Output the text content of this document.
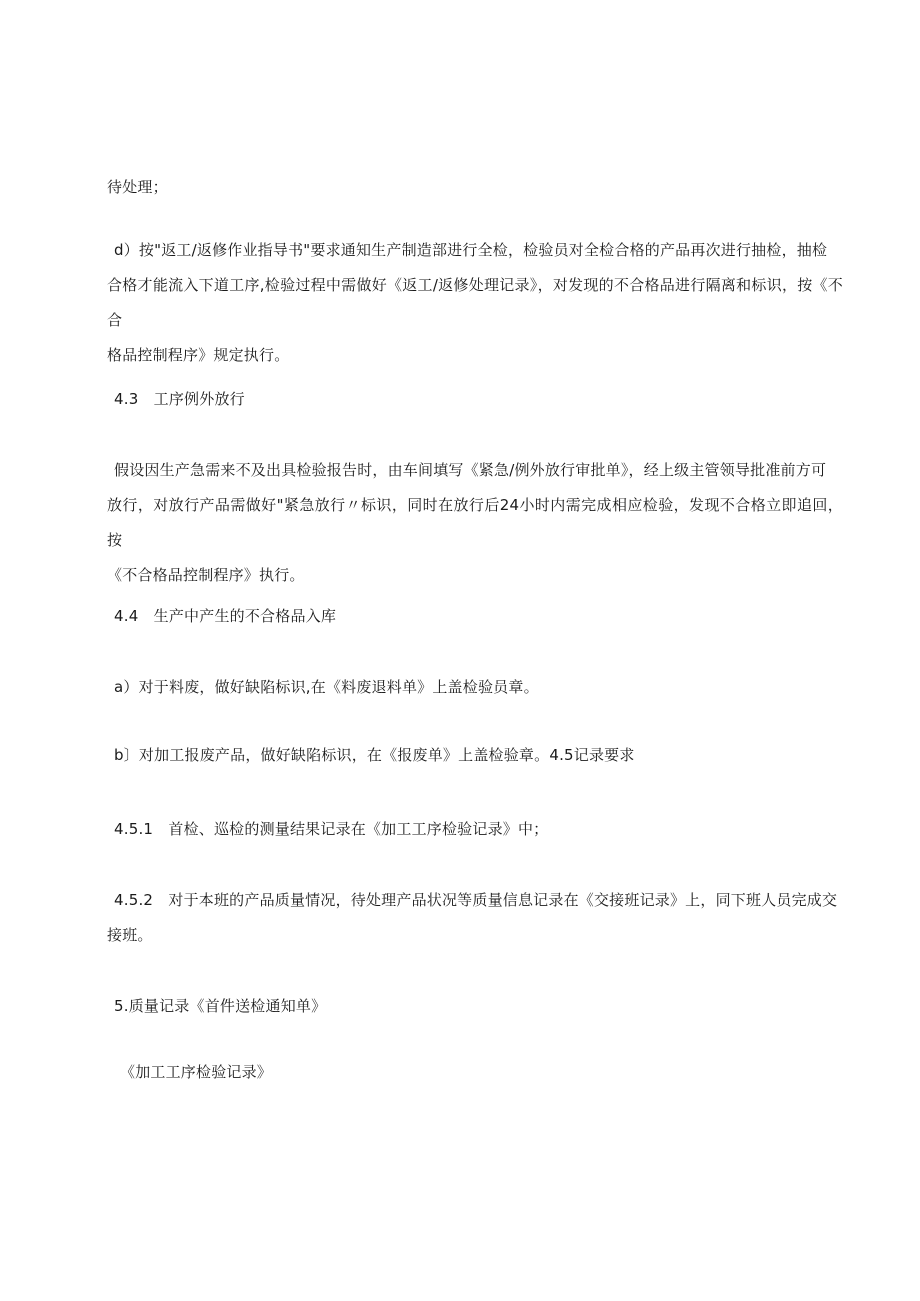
待处理；
d）按"返工/返修作业指导书"要求通知生产制造部进行全检，检验员对全检合格的产品再次进行抽检，抽检
合格才能流入下道工序,检验过程中需做好《返工/返修处理记录》，对发现的不合格品进行隔离和标识，按《不合
格品控制程序》规定执行。
4.3　工序例外放行
假设因生产急需来不及出具检验报告时，由车间填写《紧急/例外放行审批单》，经上级主管领导批准前方可
放行，对放行产品需做好"紧急放行〃标识，同时在放行后24小时内需完成相应检验，发现不合格立即追回，按
《不合格品控制程序》执行。
4.4　生产中产生的不合格品入库
a）对于料废，做好缺陷标识,在《料废退料单》上盖检验员章。
b〕对加工报废产品，做好缺陷标识，在《报废单》上盖检验章。4.5记录要求
4.5.1　首检、巡检的测量结果记录在《加工工序检验记录》中；
4.5.2　对于本班的产品质量情况，待处理产品状况等质量信息记录在《交接班记录》上，同下班人员完成交
接班。
5.质量记录《首件送检通知单》
《加工工序检验记录》
